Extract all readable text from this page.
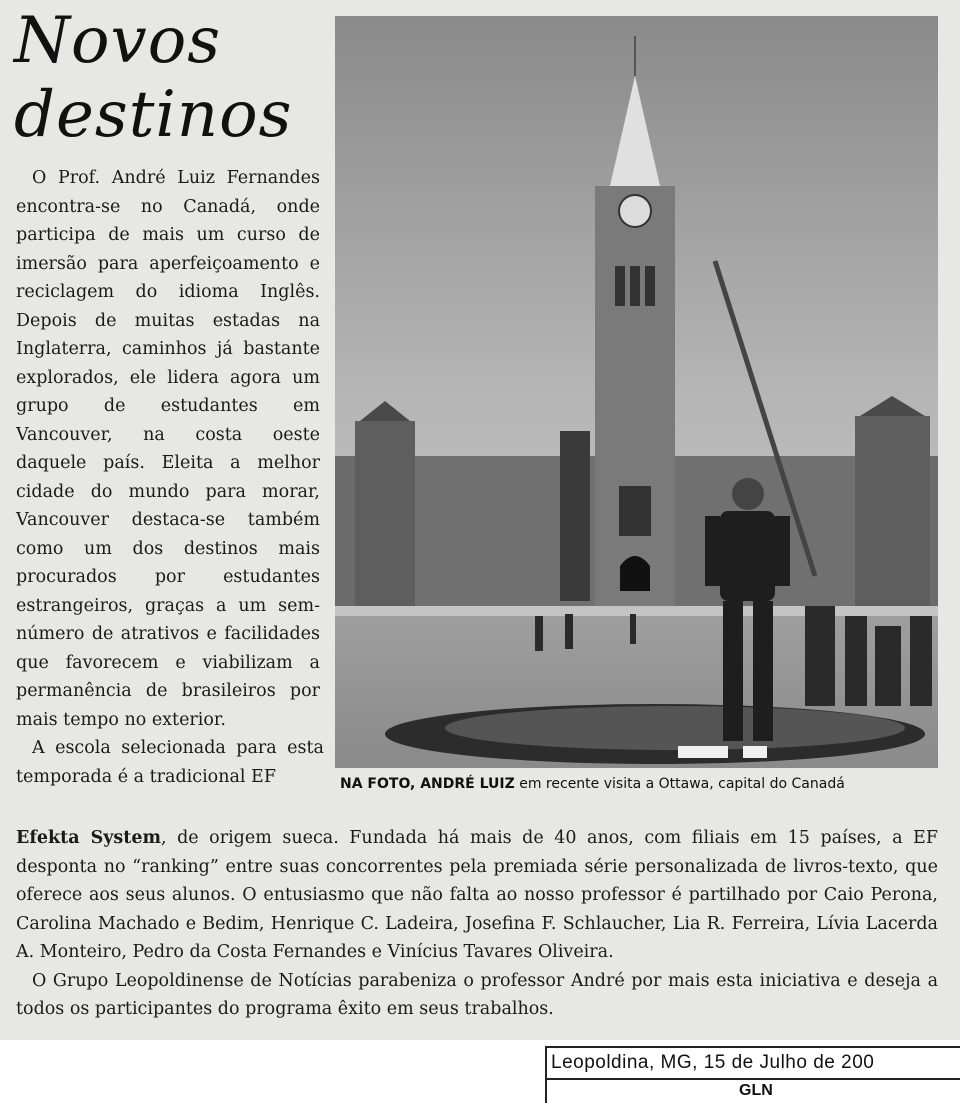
Novos
destinos

O Prof. André Luiz Fernandes encontra-se no Canadá, onde participa de mais um curso de imersão para aperfeiçoamento e reciclagem do idioma Inglês. Depois de muitas estadas na Inglaterra, caminhos já bastante explorados, ele lidera agora um grupo de estudantes em Vancouver, na costa oeste daquele país. Eleita a melhor cidade do mundo para morar, Vancouver destaca-se também como um dos destinos mais procurados por estudantes estrangeiros, graças a um sem-número de atrativos e facilidades que favorecem e viabilizam a permanência de brasileiros por mais tempo no exterior.

A escola selecionada para esta temporada é a tradicional EF	NA FOTO, ANDRÉ LUIZ em recente visita a Ottawa, capital do Canadá

Efekta System, de origem sueca. Fundada há mais de 40 anos, com filiais em 15 países, a EF desponta no “ranking” entre suas concorrentes pela premiada série personalizada de livros-texto, que oferece aos seus alunos. O entusiasmo que não falta ao nosso professor é partilhado por Caio Perona, Carolina Machado e Bedim, Henrique C. Ladeira, Josefina F. Schlaucher, Lia R. Ferreira, Lívia Lacerda A. Monteiro, Pedro da Costa Fernandes e Vinícius Tavares Oliveira.

O Grupo Leopoldinense de Notícias parabeniza o professor André por mais esta iniciativa e deseja a todos os participantes do programa êxito em seus trabalhos.

Leopoldina, MG, 15 de Julho de 200
GLN
